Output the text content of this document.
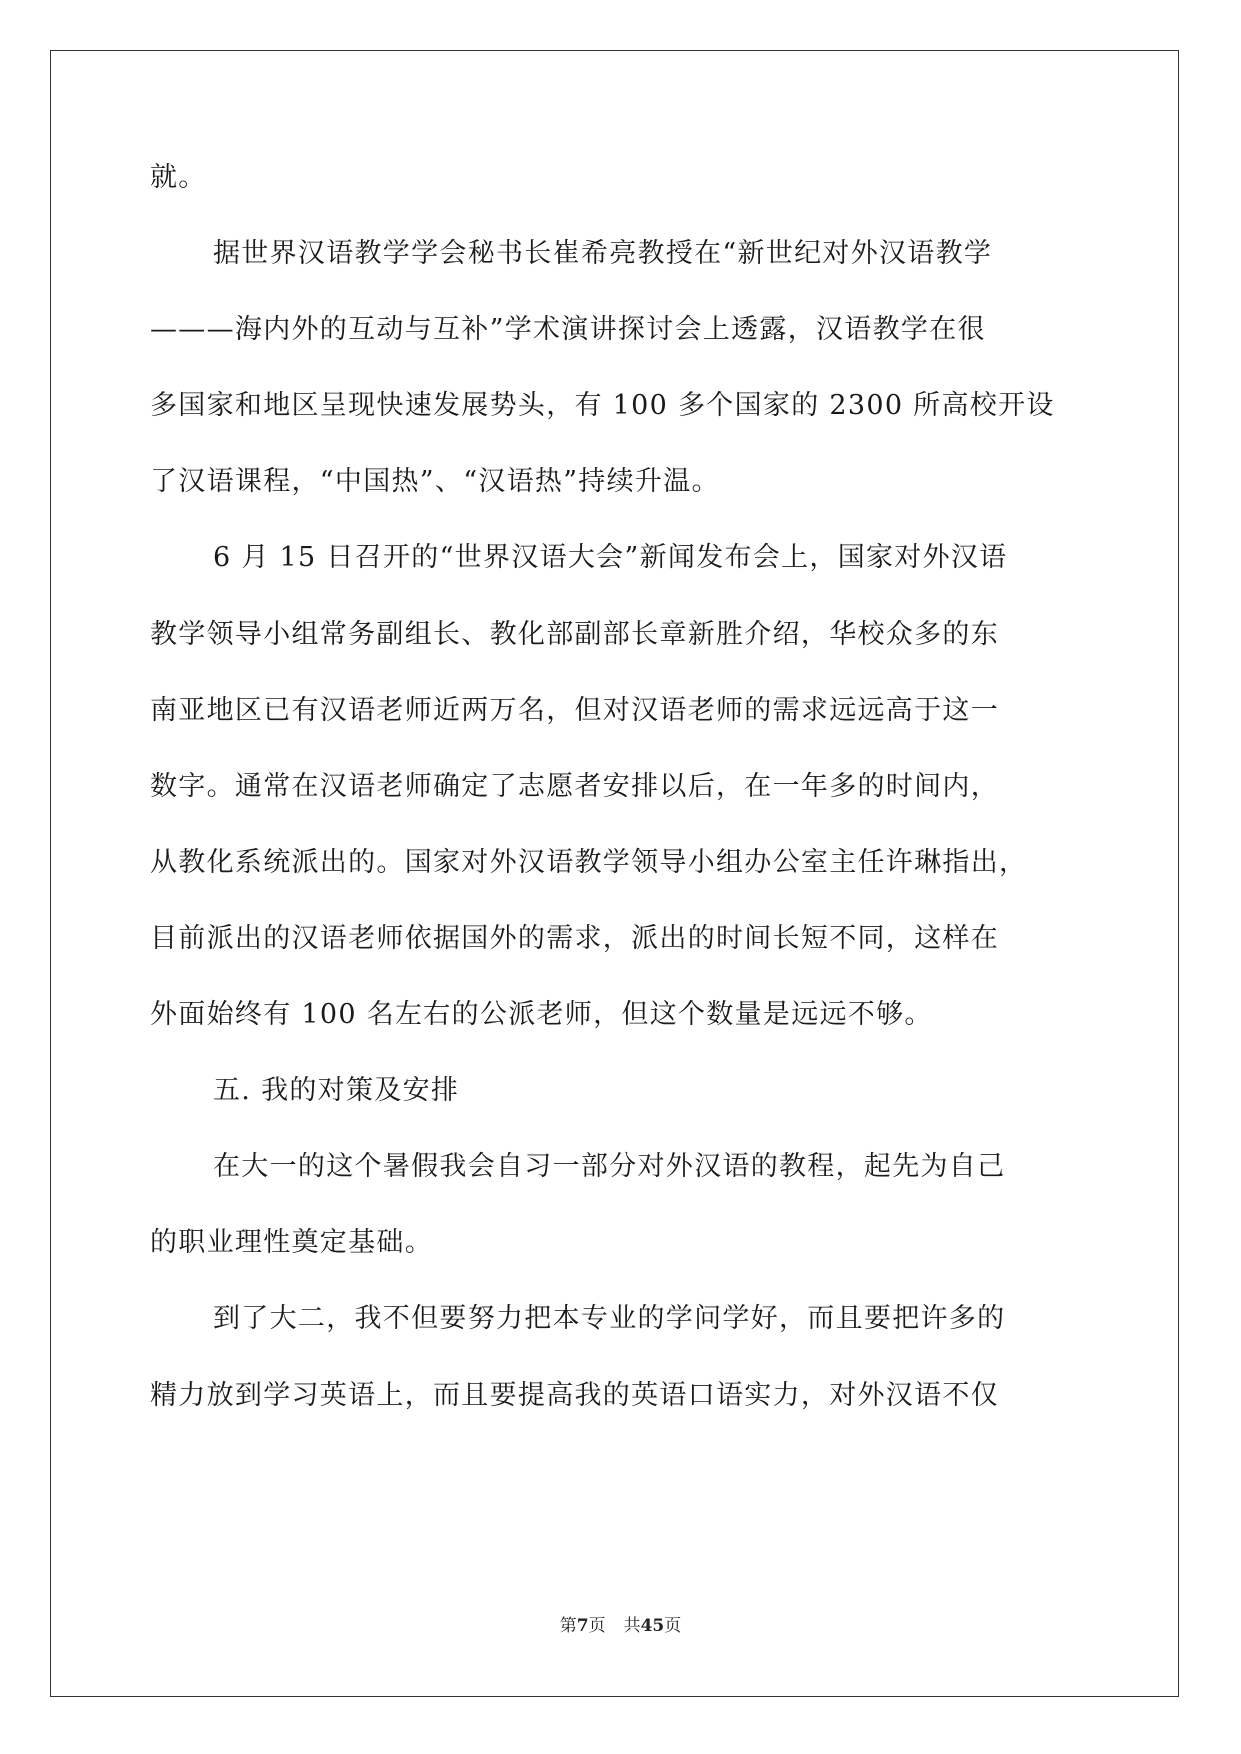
就。
据世界汉语教学学会秘书长崔希亮教授在“新世纪对外汉语教学
———海内外的互动与互补”学术演讲探讨会上透露，汉语教学在很
多国家和地区呈现快速发展势头，有 100 多个国家的 2300 所高校开设
了汉语课程，“中国热”、“汉语热”持续升温。
6 月 15 日召开的“世界汉语大会”新闻发布会上，国家对外汉语
教学领导小组常务副组长、教化部副部长章新胜介绍，华校众多的东
南亚地区已有汉语老师近两万名，但对汉语老师的需求远远高于这一
数字。通常在汉语老师确定了志愿者安排以后，在一年多的时间内，
从教化系统派出的。国家对外汉语教学领导小组办公室主任许琳指出，
目前派出的汉语老师依据国外的需求，派出的时间长短不同，这样在
外面始终有 100 名左右的公派老师，但这个数量是远远不够。
五. 我的对策及安排
在大一的这个暑假我会自习一部分对外汉语的教程，起先为自己
的职业理性奠定基础。
到了大二，我不但要努力把本专业的学问学好，而且要把许多的
精力放到学习英语上，而且要提高我的英语口语实力，对外汉语不仅
第7页 共45页
